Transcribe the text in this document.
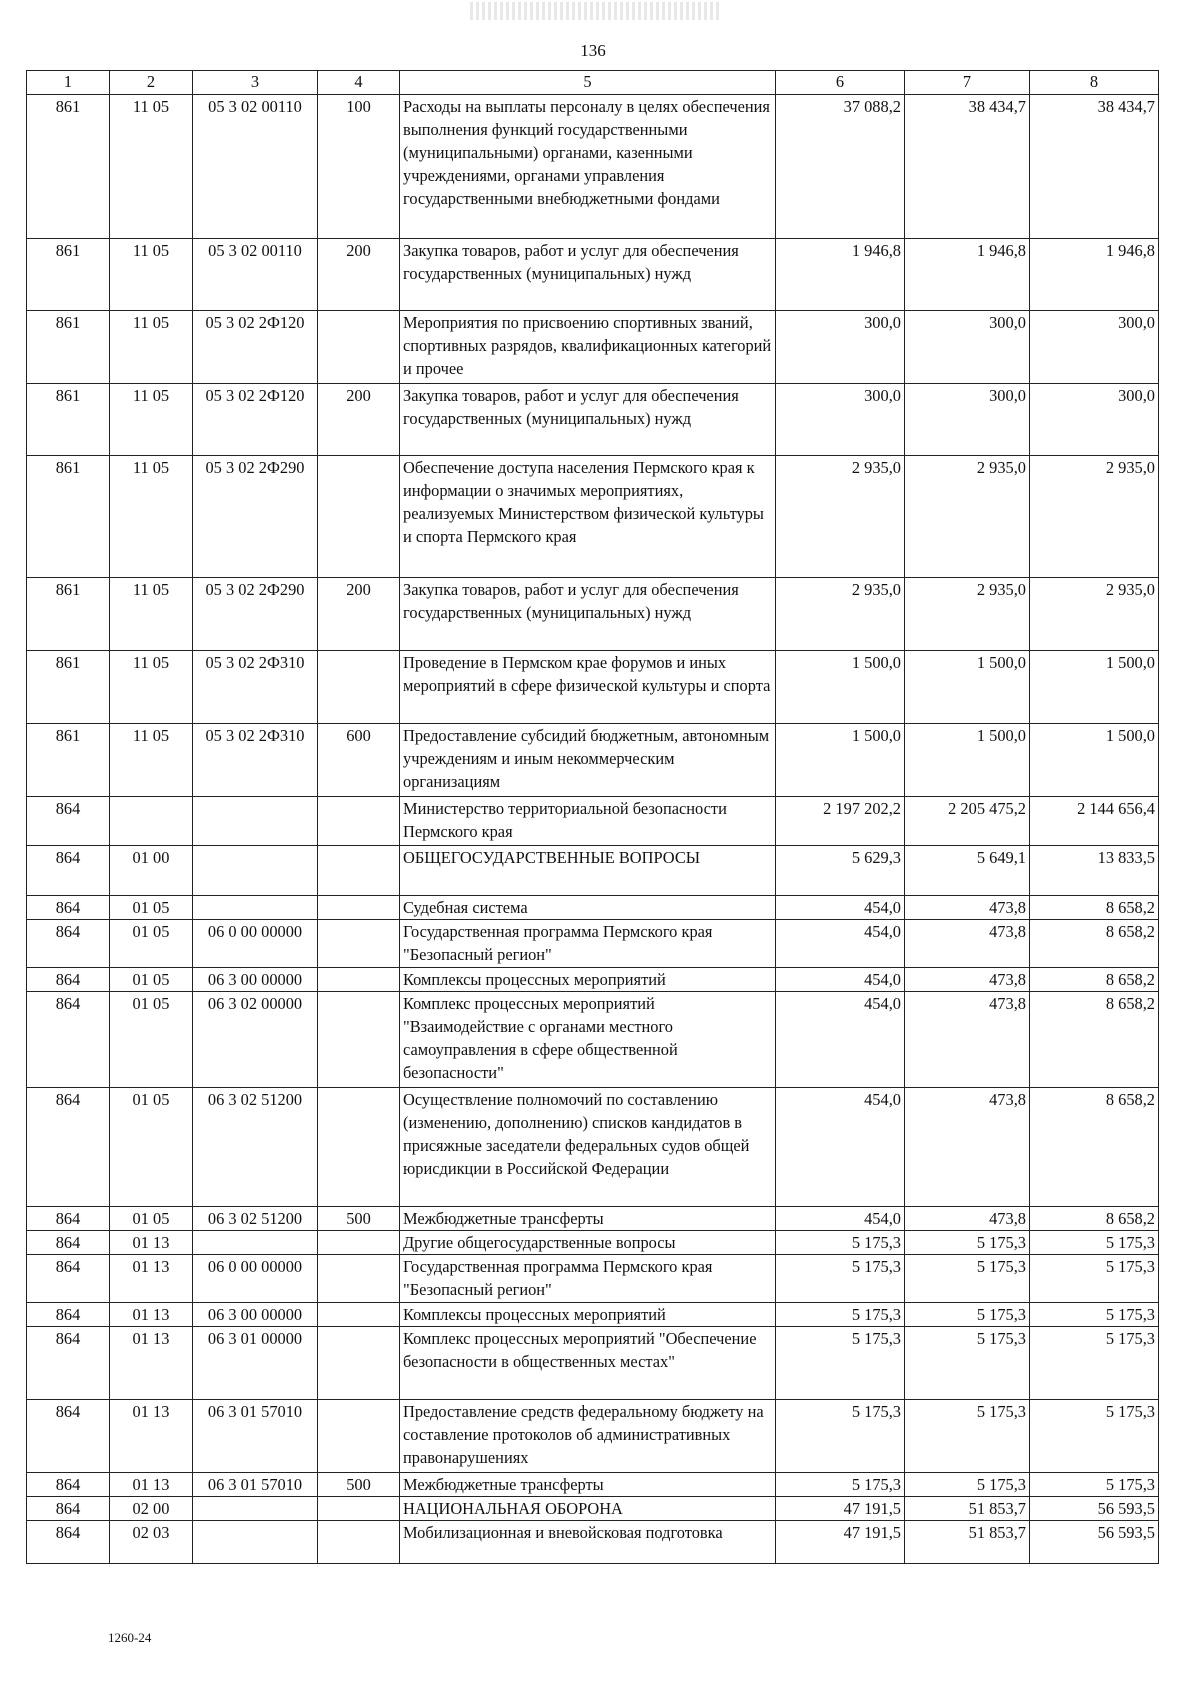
136
1	2	3	4	5	6	7	8
861	11 05	05 3 02 00110	100	Расходы на выплаты персоналу в целях обеспечения выполнения функций государственными (муниципальными) органами, казенными учреждениями, органами управления государственными внебюджетными фондами	37 088,2	38 434,7	38 434,7
861	11 05	05 3 02 00110	200	Закупка товаров, работ и услуг для обеспечения государственных (муниципальных) нужд	1 946,8	1 946,8	1 946,8
861	11 05	05 3 02 2Ф120		Мероприятия по присвоению спортивных званий, спортивных разрядов, квалификационных категорий и прочее	300,0	300,0	300,0
861	11 05	05 3 02 2Ф120	200	Закупка товаров, работ и услуг для обеспечения государственных (муниципальных) нужд	300,0	300,0	300,0
861	11 05	05 3 02 2Ф290		Обеспечение доступа населения Пермского края к информации о значимых мероприятиях, реализуемых Министерством физической культуры и спорта Пермского края	2 935,0	2 935,0	2 935,0
861	11 05	05 3 02 2Ф290	200	Закупка товаров, работ и услуг для обеспечения государственных (муниципальных) нужд	2 935,0	2 935,0	2 935,0
861	11 05	05 3 02 2Ф310		Проведение в Пермском крае форумов и иных мероприятий в сфере физической культуры и спорта	1 500,0	1 500,0	1 500,0
861	11 05	05 3 02 2Ф310	600	Предоставление субсидий бюджетным, автономным учреждениям и иным некоммерческим организациям	1 500,0	1 500,0	1 500,0
864				Министерство территориальной безопасности Пермского края	2 197 202,2	2 205 475,2	2 144 656,4
864	01 00			ОБЩЕГОСУДАРСТВЕННЫЕ ВОПРОСЫ	5 629,3	5 649,1	13 833,5
864	01 05			Судебная система	454,0	473,8	8 658,2
864	01 05	06 0 00 00000		Государственная программа Пермского края "Безопасный регион"	454,0	473,8	8 658,2
864	01 05	06 3 00 00000		Комплексы процессных мероприятий	454,0	473,8	8 658,2
864	01 05	06 3 02 00000		Комплекс процессных мероприятий "Взаимодействие с органами местного самоуправления в сфере общественной безопасности"	454,0	473,8	8 658,2
864	01 05	06 3 02 51200		Осуществление полномочий по составлению (изменению, дополнению) списков кандидатов в присяжные заседатели федеральных судов общей юрисдикции в Российской Федерации	454,0	473,8	8 658,2
864	01 05	06 3 02 51200	500	Межбюджетные трансферты	454,0	473,8	8 658,2
864	01 13			Другие общегосударственные вопросы	5 175,3	5 175,3	5 175,3
864	01 13	06 0 00 00000		Государственная программа Пермского края "Безопасный регион"	5 175,3	5 175,3	5 175,3
864	01 13	06 3 00 00000		Комплексы процессных мероприятий	5 175,3	5 175,3	5 175,3
864	01 13	06 3 01 00000		Комплекс процессных мероприятий "Обеспечение безопасности в общественных местах"	5 175,3	5 175,3	5 175,3
864	01 13	06 3 01 57010		Предоставление средств федеральному бюджету на составление протоколов об административных правонарушениях	5 175,3	5 175,3	5 175,3
864	01 13	06 3 01 57010	500	Межбюджетные трансферты	5 175,3	5 175,3	5 175,3
864	02 00			НАЦИОНАЛЬНАЯ ОБОРОНА	47 191,5	51 853,7	56 593,5
864	02 03			Мобилизационная и вневойсковая подготовка	47 191,5	51 853,7	56 593,5
1260-24
